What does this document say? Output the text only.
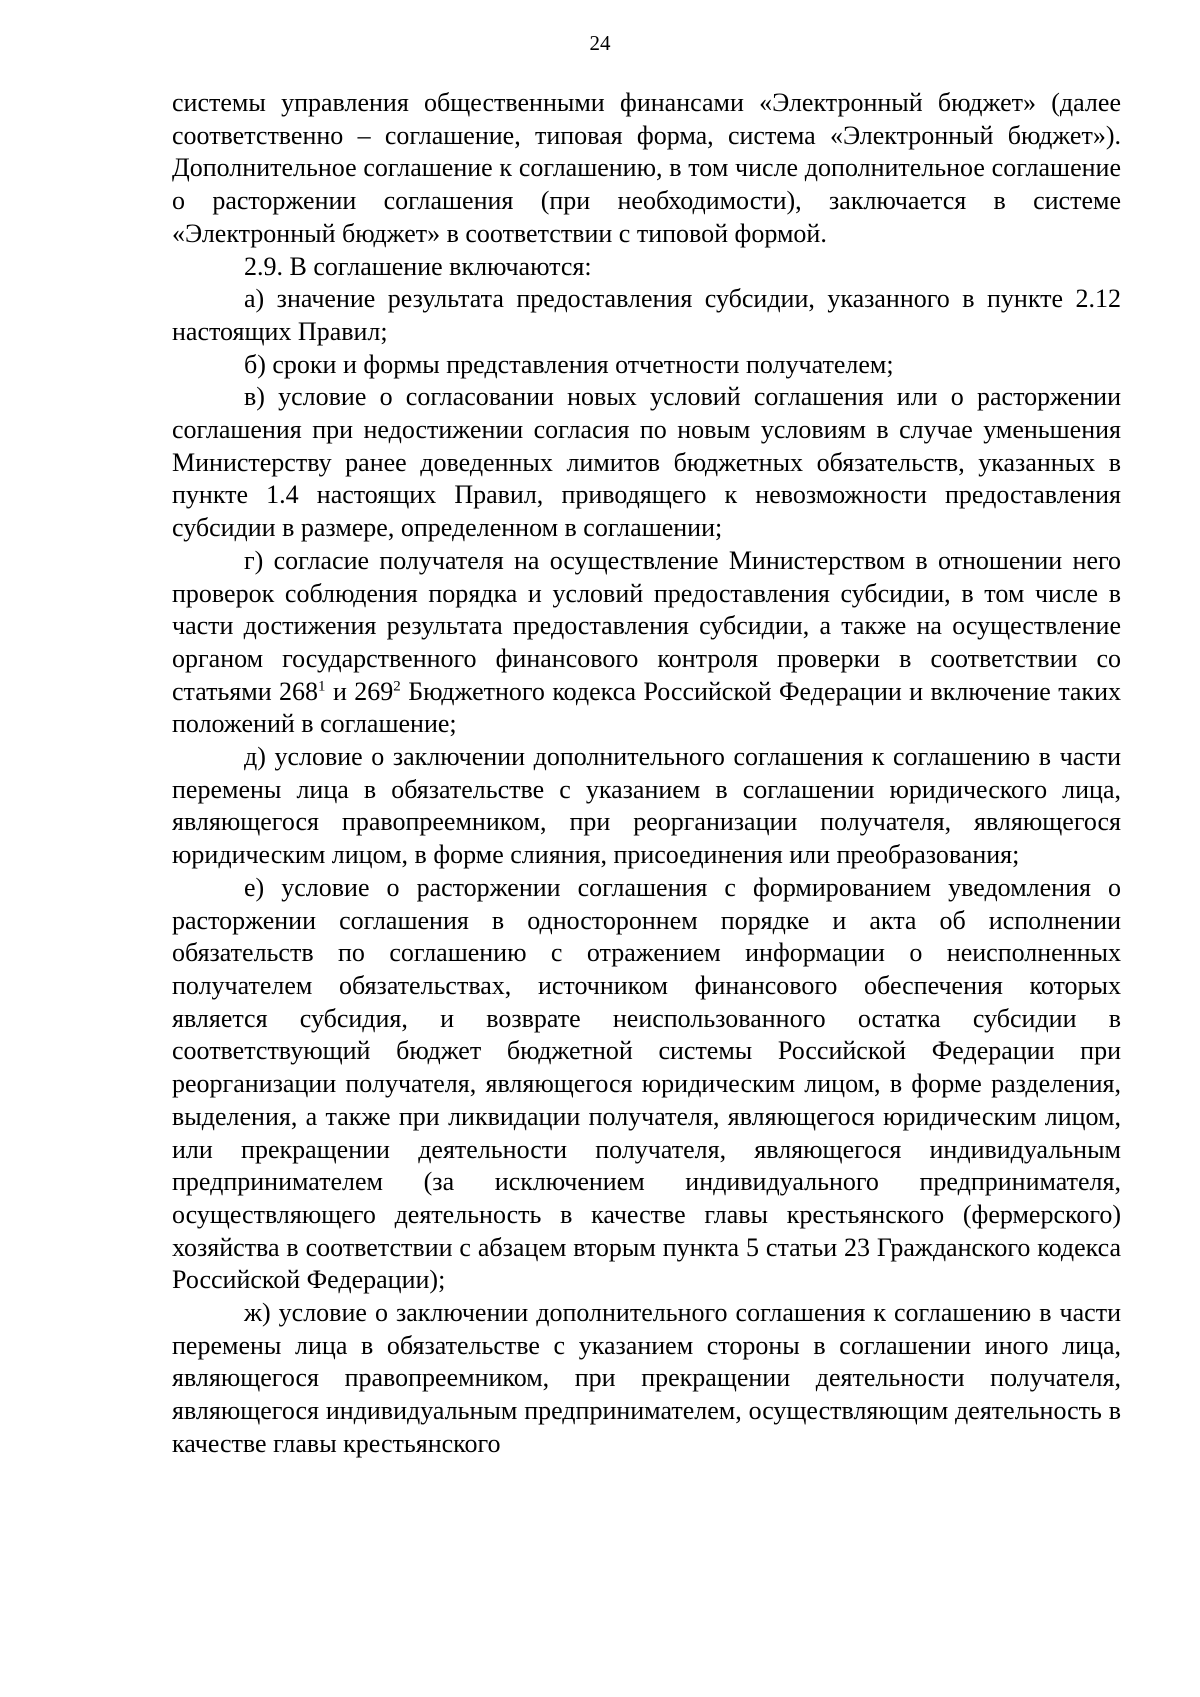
24

системы управления общественными финансами «Электронный бюджет» (далее соответственно – соглашение, типовая форма, система «Электронный бюджет»). Дополнительное соглашение к соглашению, в том числе дополнительное соглашение о расторжении соглашения (при необходимости), заключается в системе «Электронный бюджет» в соответствии с типовой формой.

2.9. В соглашение включаются:

а) значение результата предоставления субсидии, указанного в пункте 2.12 настоящих Правил;

б) сроки и формы представления отчетности получателем;

в) условие о согласовании новых условий соглашения или о расторжении соглашения при недостижении согласия по новым условиям в случае уменьшения Министерству ранее доведенных лимитов бюджетных обязательств, указанных в пункте 1.4 настоящих Правил, приводящего к невозможности предоставления субсидии в размере, определенном в соглашении;

г) согласие получателя на осуществление Министерством в отношении него проверок соблюдения порядка и условий предоставления субсидии, в том числе в части достижения результата предоставления субсидии, а также на осуществление органом государственного финансового контроля проверки в соответствии со статьями $268^1$ и $269^2$ Бюджетного кодекса Российской Федерации и включение таких положений в соглашение;

д) условие о заключении дополнительного соглашения к соглашению в части перемены лица в обязательстве с указанием в соглашении юридического лица, являющегося правопреемником, при реорганизации получателя, являющегося юридическим лицом, в форме слияния, присоединения или преобразования;

е) условие о расторжении соглашения с формированием уведомления о расторжении соглашения в одностороннем порядке и акта об исполнении обязательств по соглашению с отражением информации о неисполненных получателем обязательствах, источником финансового обеспечения которых является субсидия, и возврате неиспользованного остатка субсидии в соответствующий бюджет бюджетной системы Российской Федерации при реорганизации получателя, являющегося юридическим лицом, в форме разделения, выделения, а также при ликвидации получателя, являющегося юридическим лицом, или прекращении деятельности получателя, являющегося индивидуальным предпринимателем (за исключением индивидуального предпринимателя, осуществляющего деятельность в качестве главы крестьянского (фермерского) хозяйства в соответствии с абзацем вторым пункта 5 статьи 23 Гражданского кодекса Российской Федерации);

ж) условие о заключении дополнительного соглашения к соглашению в части перемены лица в обязательстве с указанием стороны в соглашении иного лица, являющегося правопреемником, при прекращении деятельности получателя, являющегося индивидуальным предпринимателем, осуществляющим деятельность в качестве главы крестьянского
